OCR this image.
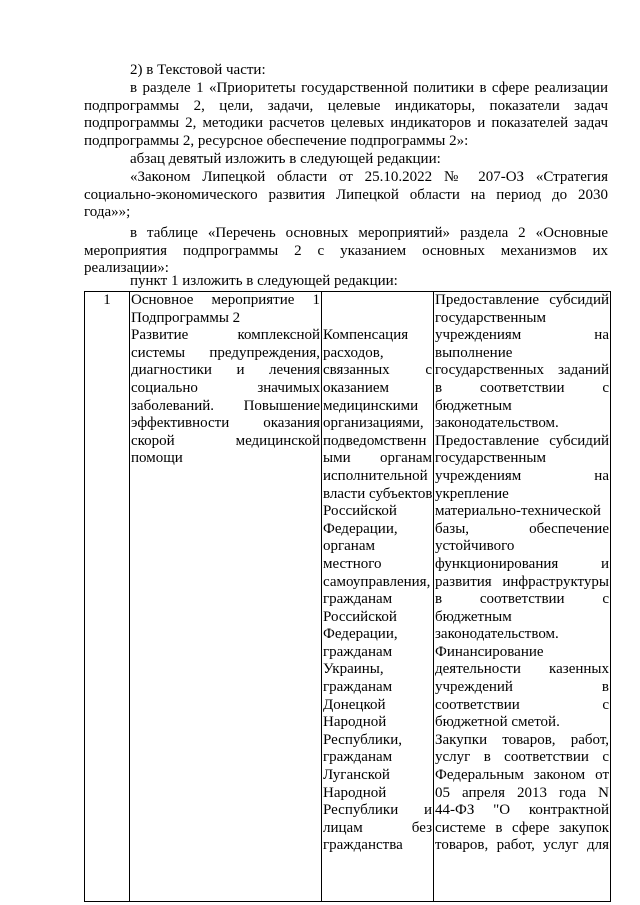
2) в Текстовой части:
в разделе 1 «Приоритеты государственной политики в сфере реализации
подпрограммы 2, цели, задачи, целевые индикаторы, показатели задач
подпрограммы 2, методики расчетов целевых индикаторов и показателей задач
подпрограммы 2, ресурсное обеспечение подпрограммы 2»:
абзац девятый изложить в следующей редакции:
«Законом Липецкой области от 25.10.2022 № 207-ОЗ «Стратегия
социально-экономического развития Липецкой области на период до 2030
года»»;
в таблице «Перечень основных мероприятий» раздела 2 «Основные
мероприятия подпрограммы 2 с указанием основных механизмов их
реализации»:
пункт 1 изложить в следующей редакции:
1	Основное мероприятие 1
Подпрограммы 2
Развитие комплексной
системы предупреждения,
диагностики и лечения
социально значимых
заболеваний. Повышение
эффективности оказания
скорой медицинской
помощи

Компенсация
расходов,
связанных с
оказанием
медицинскими
организациями,
подведомственн
ыми органам
исполнительной
власти субъектов
Российской
Федерации,
органам
местного
самоуправления,
гражданам
Российской
Федерации,
гражданам
Украины,
гражданам
Донецкой
Народной
Республики,
гражданам
Луганской
Народной
Республики и
лицам без
гражданства

Предоставление субсидий
государственным
учреждениям на
выполнение
государственных заданий
в соответствии с
бюджетным
законодательством.
Предоставление субсидий
государственным
учреждениям на
укрепление
материально-технической
базы, обеспечение
устойчивого
функционирования и
развития инфраструктуры
в соответствии с
бюджетным
законодательством.
Финансирование
деятельности казенных
учреждений в
соответствии с
бюджетной сметой.
Закупки товаров, работ,
услуг в соответствии с
Федеральным законом от
05 апреля 2013 года N
44-ФЗ "О контрактной
системе в сфере закупок
товаров, работ, услуг для
